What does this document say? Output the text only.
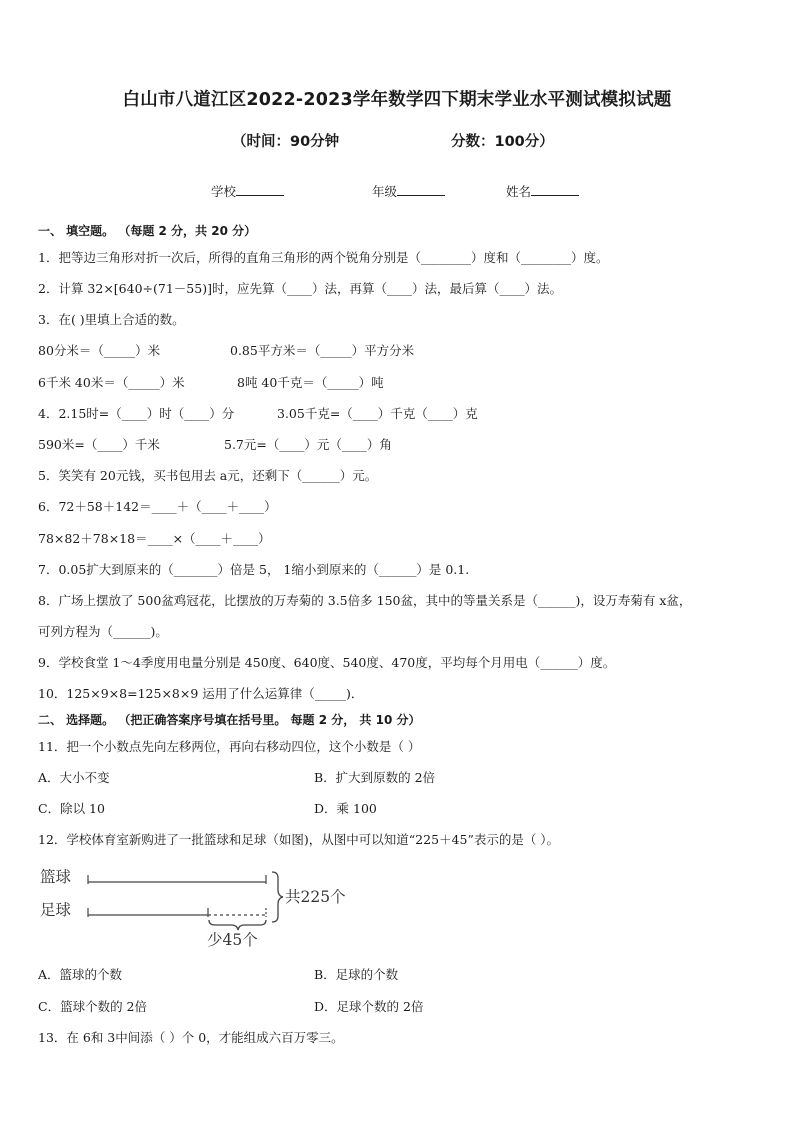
白山市八道江区2022-2023学年数学四下期末学业水平测试模拟试题
（时间：90分钟	分数：100分）
学校	年级	姓名
一、 填空题。 （每题 2 分，共 20 分）
1．把等边三角形对折一次后，所得的直角三角形的两个锐角分别是（________）度和（________）度。
2．计算 32×[640÷(71－55)]时，应先算（____）法，再算（____）法，最后算（____）法。
3．在( )里填上合适的数。
80分米＝（_____）米	0.85平方米＝（_____）平方分米
6千米 40米＝（_____）米	8吨 40千克＝（_____）吨
4．2.15时=（____）时（____）分	3.05千克=（____）千克（____）克
590米=（____）千米	5.7元=（____）元（____）角
5．笑笑有 20元钱，买书包用去 a元，还剩下（______）元。
6．72＋58＋142＝____＋（____＋____）
78×82＋78×18＝____×（____＋____）
7．0.05扩大到原来的（_______）倍是 5， 1缩小到原来的（______）是 0.1.
8．广场上摆放了 500盆鸡冠花，比摆放的万寿菊的 3.5倍多 150盆，其中的等量关系是（______)，设万寿菊有 x盆，
可列方程为（______)。
9．学校食堂 1～4季度用电量分别是 450度、640度、540度、470度，平均每个月用电（______）度。
10．125×9×8=125×8×9 运用了什么运算律（_____)．
二、 选择题。 （把正确答案序号填在括号里。 每题 2 分， 共 10 分）
11．把一个小数点先向左移两位，再向右移动四位，这个小数是（ ）
A．大小不变	B．扩大到原数的 2倍
C．除以 10	D．乘 100
12．学校体育室新购进了一批篮球和足球（如图)，从图中可以知道“225＋45”表示的是（ ）。
篮球
足球
共225个
少45个
A．篮球的个数	B．足球的个数
C．篮球个数的 2倍	D．足球个数的 2倍
13．在 6和 3中间添（ ）个 0，才能组成六百万零三。
